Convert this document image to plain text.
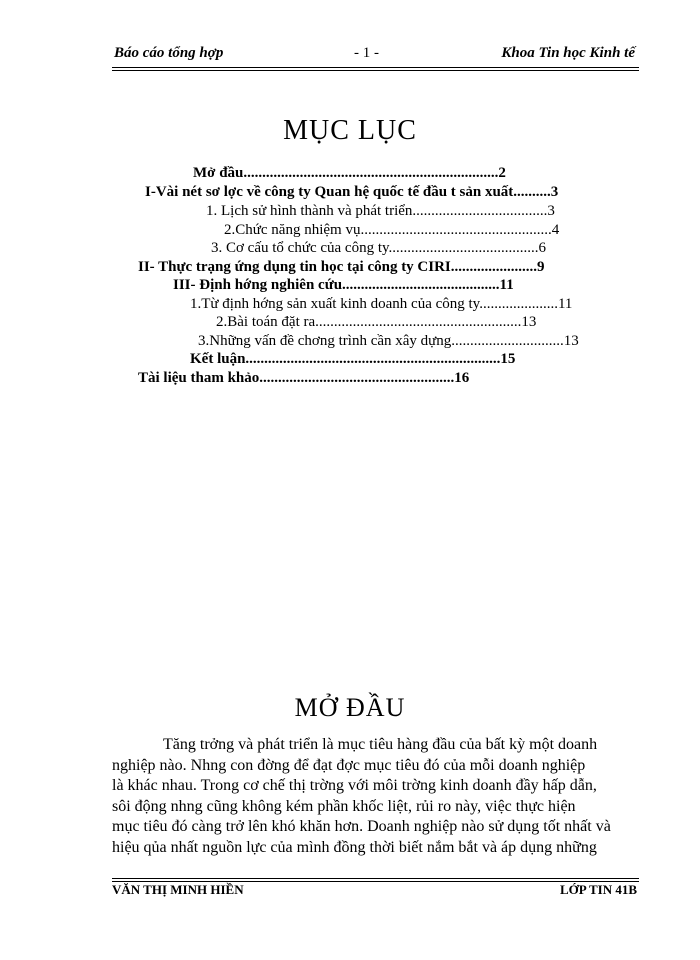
Báo cáo tổng hợp	- 1 -	Khoa Tin học Kinh tế
MỤC LỤC
Mở đầu....................................................................2
I-Vài nét sơ lợc về công ty Quan hệ quốc tế đầu t sản xuất..........3
1. Lịch sử hình thành và phát triển....................................3
2.Chức năng nhiệm vụ...................................................4
3. Cơ cấu tổ chức của công ty........................................6
II- Thực trạng ứng dụng tin học tại công ty CIRI.......................9
III- Định hớng nghiên cứu..........................................11
1.Từ định hớng sản xuất kinh doanh của công ty.....................11
2.Bài toán đặt ra.......................................................13
3.Những vấn đề chơng trình cần xây dựng..............................13
Kết luận....................................................................15
Tài liệu tham khảo....................................................16
MỞ ĐẦU
Tăng trởng và phát triển là mục tiêu hàng đầu của bất kỳ một doanh
nghiệp nào. Nhng con đờng để đạt đợc mục tiêu đó của mỗi doanh nghiệp
là khác nhau. Trong cơ chế thị trờng với môi trờng kinh doanh đầy hấp dẫn,
sôi động nhng cũng không kém phần khốc liệt, rủi ro này, việc thực hiện
mục tiêu đó càng trở lên khó khăn hơn. Doanh nghiệp nào sử dụng tốt nhất và
hiệu qủa nhất nguồn lực của mình đồng thời biết nắm bắt và áp dụng những
VĂN THỊ MINH HIỀN	LỚP TIN 41B
